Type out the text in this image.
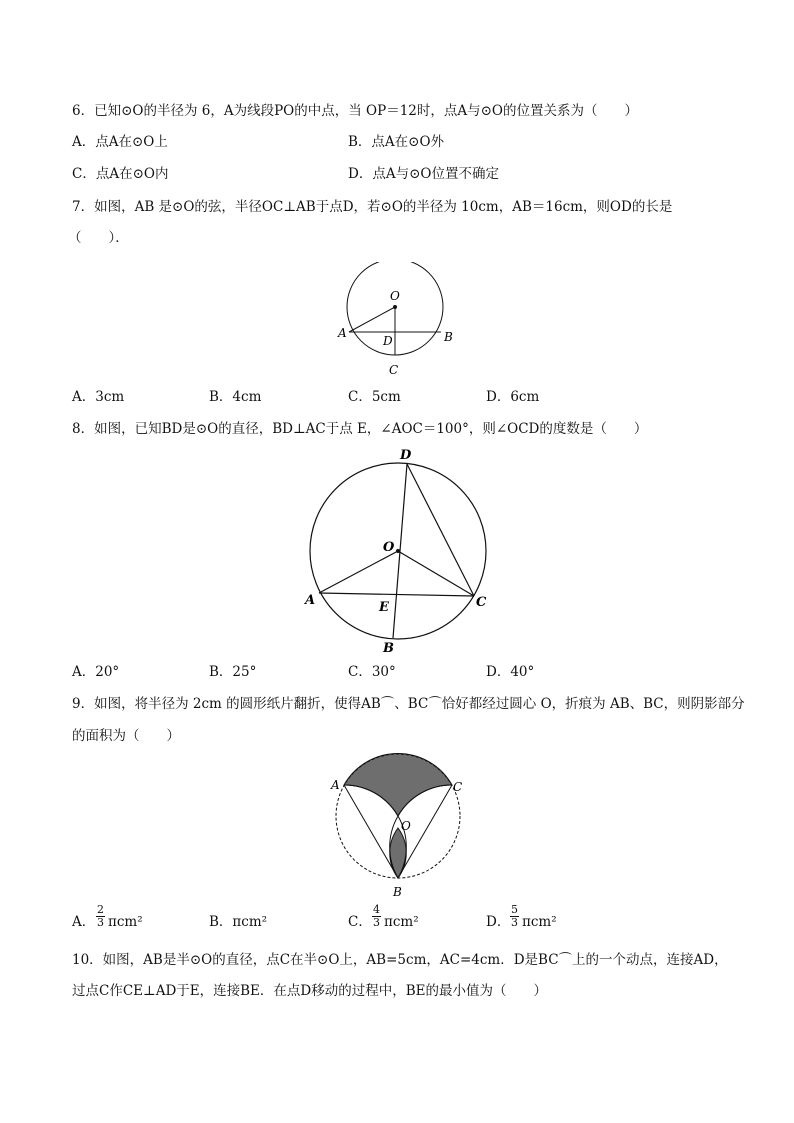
6．已知⊙O的半径为 6，A为线段PO的中点，当 OP＝12时，点A与⊙O的位置关系为（　　）
A．点A在⊙O上	B．点A在⊙O外
C．点A在⊙O内	D．点A与⊙O位置不确定
7．如图，AB 是⊙O的弦，半径OC⊥AB于点D，若⊙O的半径为 10cm，AB＝16cm，则OD的长是
（　　）．
O
A	B
D
C
A．3cm	B．4cm	C．5cm	D．6cm
8．如图，已知BD是⊙O的直径，BD⊥AC于点 E，∠AOC＝100°，则∠OCD的度数是（　　）
D
O
A	E	C
B
A．20°	B．25°	C．30°	D．40°
9．如图，将半径为 2cm 的圆形纸片翻折，使得AB⌒、BC⌒恰好都经过圆心 O，折痕为 AB、BC，则阴影部分
的面积为（　　）
A	C
O
B
A． $\frac{2}{3} \pi cm^2$	B．πcm²	C． $\frac{4}{3} \pi cm^2$	D． $\frac{5}{3} \pi cm^2$
10．如图，AB是半⊙O的直径，点C在半⊙O上，AB=5cm，AC=4cm．D是BC⌒上的一个动点，连接AD，
过点C作CE⊥AD于E，连接BE．在点D移动的过程中，BE的最小值为（　　）
